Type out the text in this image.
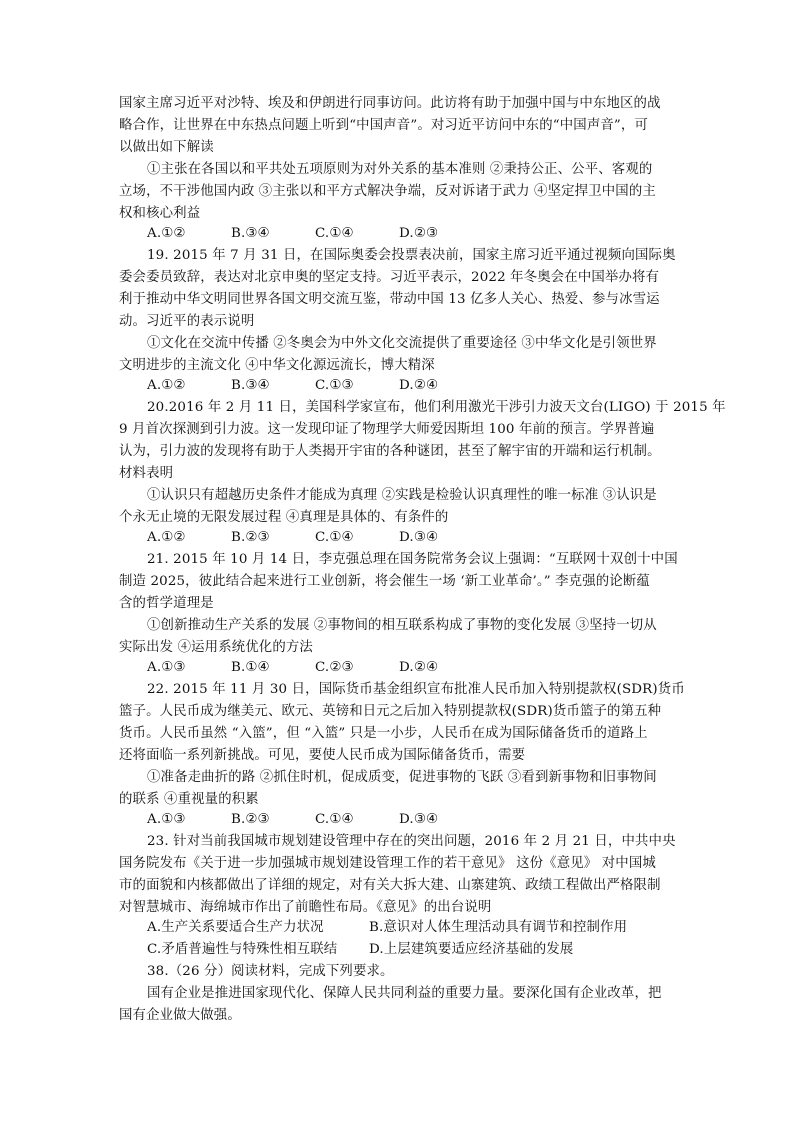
国家主席习近平对沙特、埃及和伊朗进行同事访问。此访将有助于加强中国与中东地区的战
略合作，让世界在中东热点问题上听到“中国声音”。对习近平访问中东的“中国声音”，可
以做出如下解读
①主张在各国以和平共处五项原则为对外关系的基本准则 ②秉持公正、公平、客观的
立场，不干涉他国内政 ③主张以和平方式解决争端，反对诉诸于武力 ④坚定捍卫中国的主
权和核心利益
A.①②	B.③④	C.①④	D.②③
19. 2015 年 7 月 31 日，在国际奥委会投票表决前，国家主席习近平通过视频向国际奥
委会委员致辞，表达对北京申奥的坚定支持。习近平表示，2022 年冬奥会在中国举办将有
利于推动中华文明同世界各国文明交流互鉴，带动中国 13 亿多人关心、热爱、参与冰雪运
动。习近平的表示说明
①文化在交流中传播 ②冬奥会为中外文化交流提供了重要途径 ③中华文化是引领世界
文明进步的主流文化 ④中华文化源远流长，博大精深
A.①②	B.③④	C.①③	D.②④
20.2016 年 2 月 11 日，美国科学家宣布，他们利用激光干涉引力波天文台(LIGO) 于 2015 年
9 月首次探测到引力波。这一发现印证了物理学大师爱因斯坦 100 年前的预言。学界普遍
认为，引力波的发现将有助于人类揭开宇宙的各种谜团，甚至了解宇宙的开端和运行机制。
材料表明
①认识只有超越历史条件才能成为真理 ②实践是检验认识真理性的唯一标准 ③认识是
个永无止境的无限发展过程 ④真理是具体的、有条件的
A.①②	B.②③	C.①④	D.③④
21. 2015 年 10 月 14 日，李克强总理在国务院常务会议上强调：“互联网十双创十中国
制造 2025，彼此结合起来进行工业创新，将会催生一场 ‘新工业革命’。” 李克强的论断蕴
含的哲学道理是
①创新推动生产关系的发展 ②事物间的相互联系构成了事物的变化发展 ③坚持一切从
实际出发 ④运用系统优化的方法
A.①③	B.①④	C.②③	D.②④
22. 2015 年 11 月 30 日，国际货币基金组织宣布批准人民币加入特别提款权(SDR)货币
篮子。人民币成为继美元、欧元、英镑和日元之后加入特别提款权(SDR)货币篮子的第五种
货币。人民币虽然 “入篮”，但 “入篮” 只是一小步，人民币在成为国际储备货币的道路上
还将面临一系列新挑战。可见，要使人民币成为国际储备货币，需要
①准备走曲折的路 ②抓住时机，促成质变，促进事物的飞跃 ③看到新事物和旧事物间
的联系 ④重视量的积累
A.①③	B.②③	C.①④	D.③④
23. 针对当前我国城市规划建设管理中存在的突出问题，2016 年 2 月 21 日，中共中央
国务院发布《关于进一步加强城市规划建设管理工作的若干意见》 这份《意见》 对中国城
市的面貌和内核都做出了详细的规定，对有关大拆大建、山寨建筑、政绩工程做出严格限制
对智慧城市、海绵城市作出了前瞻性布局。《意见》的出台说明
A.生产关系要适合生产力状况	B.意识对人体生理活动具有调节和控制作用
C.矛盾普遍性与特殊性相互联结 D.上层建筑要适应经济基础的发展
38.（26 分）阅读材料，完成下列要求。
国有企业是推进国家现代化、保障人民共同利益的重要力量。要深化国有企业改革，把
国有企业做大做强。
